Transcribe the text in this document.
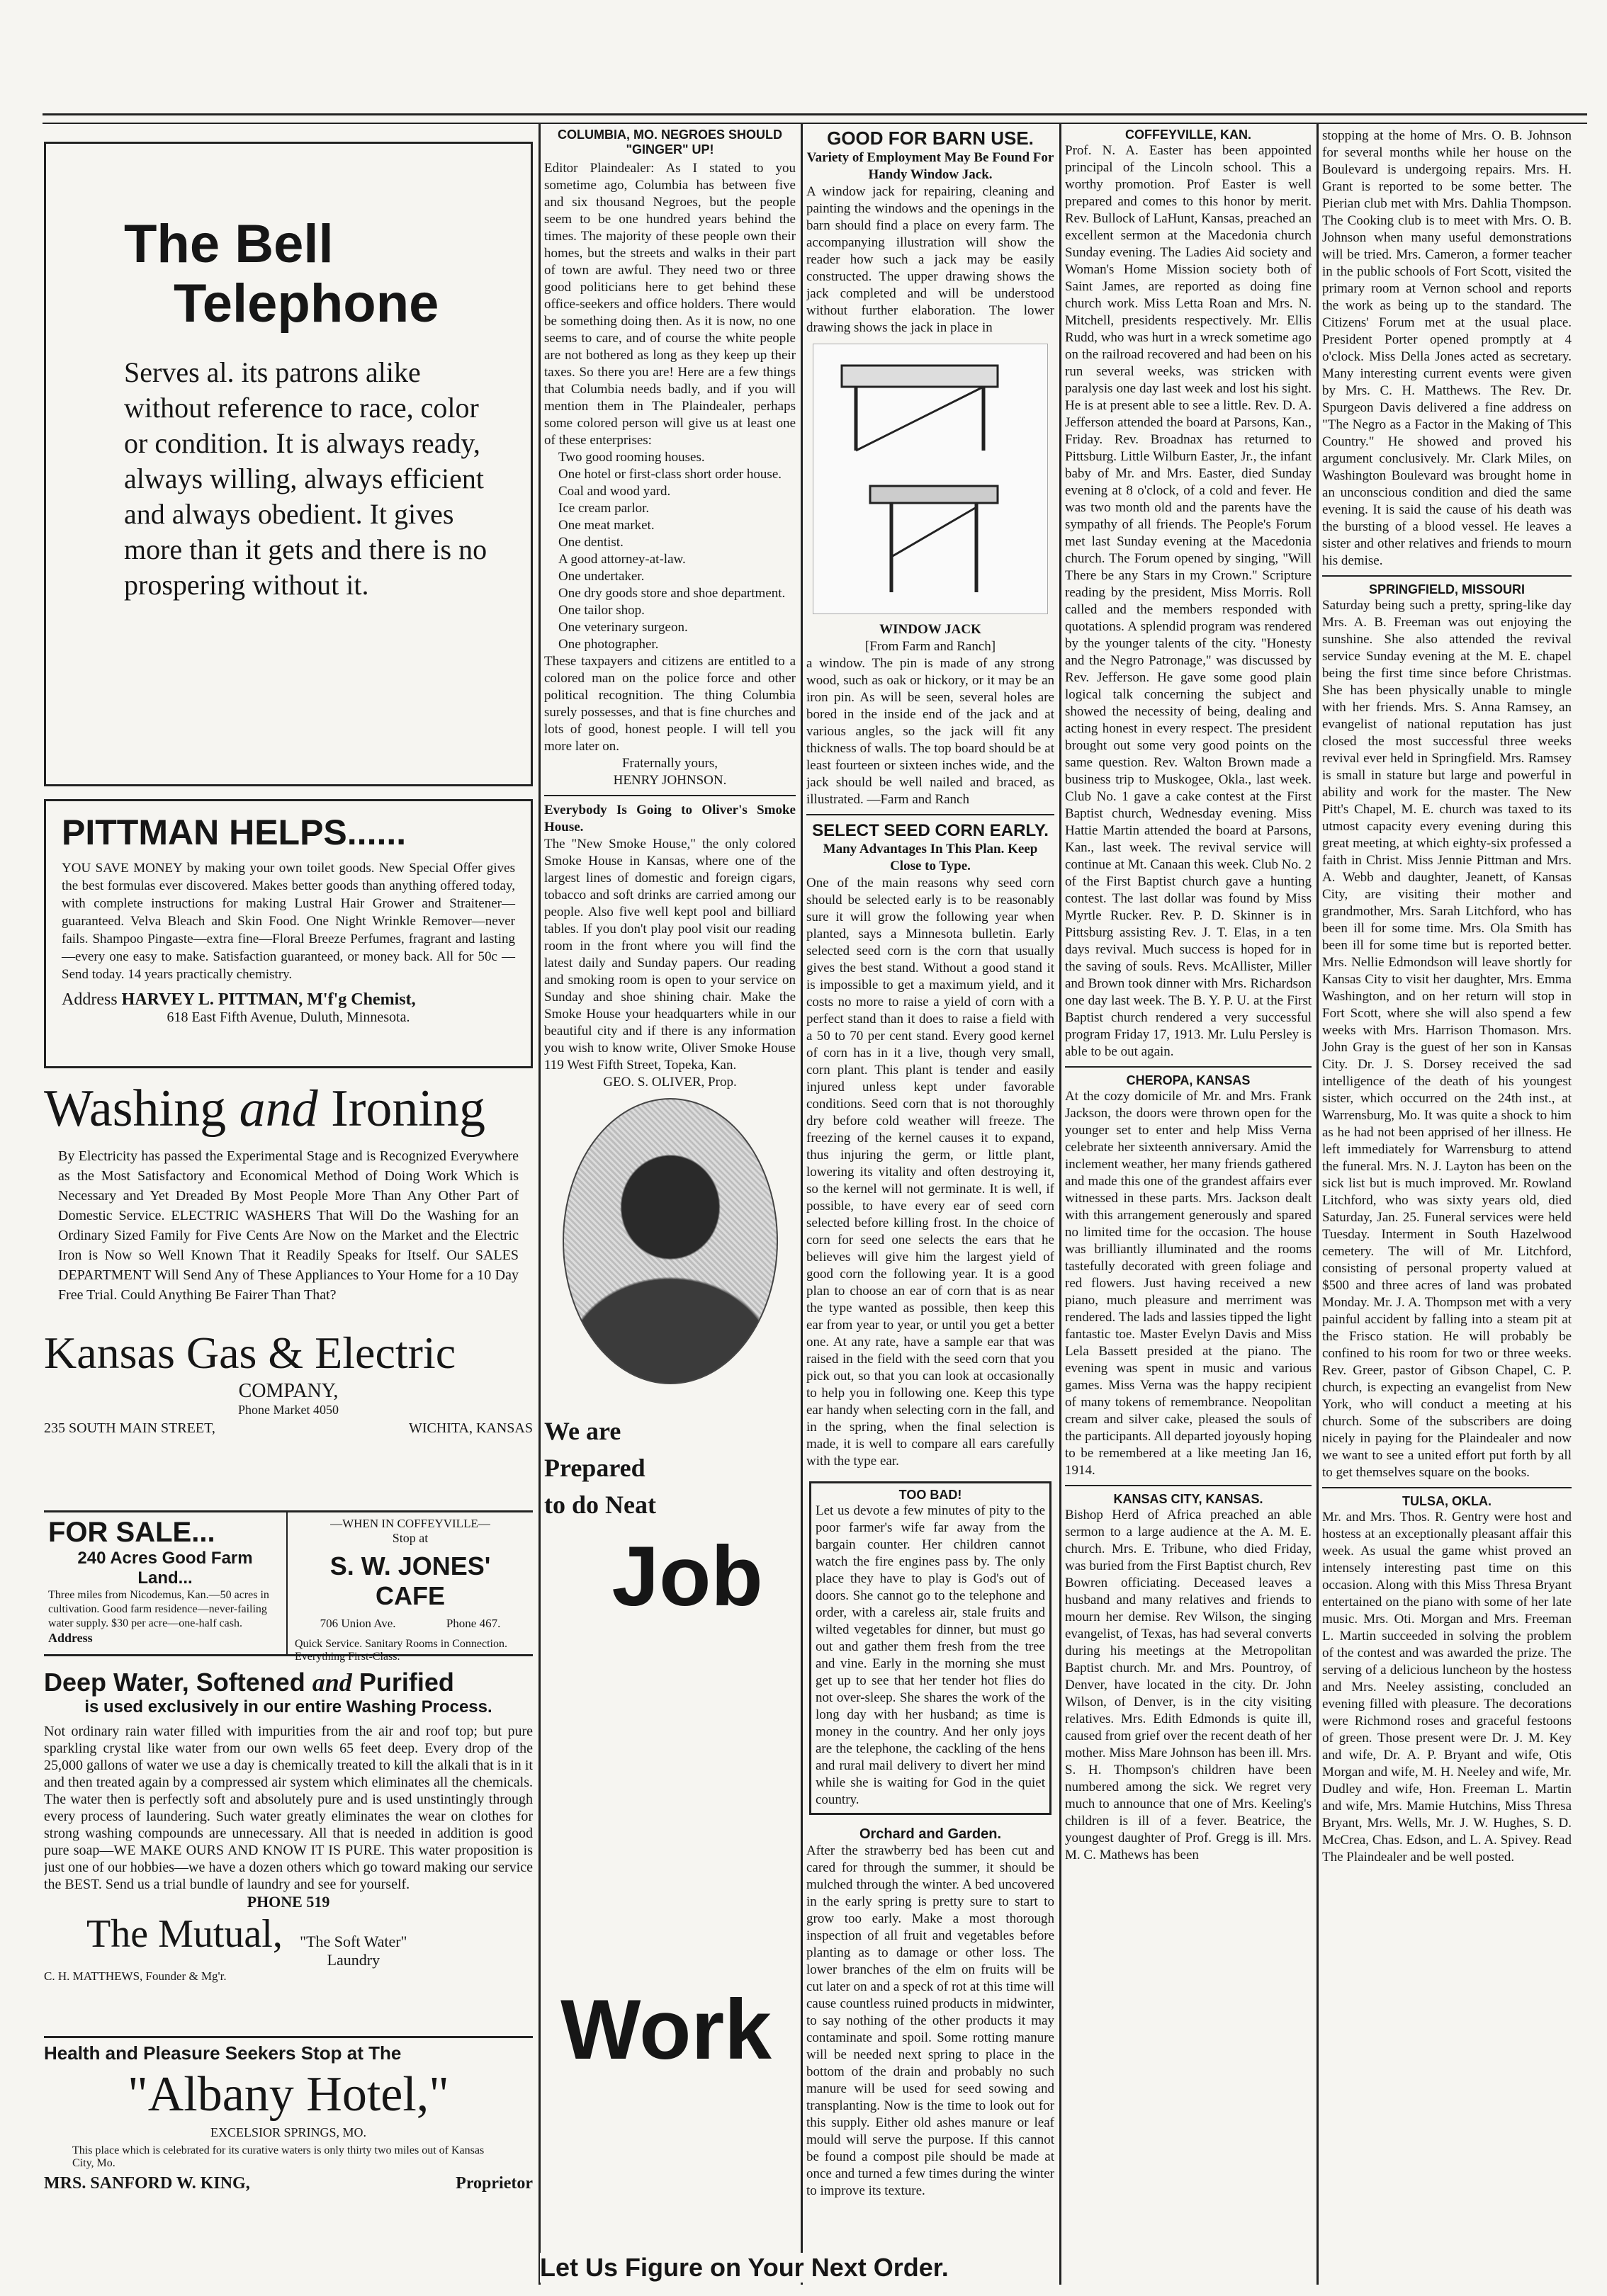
The Bell
Telephone
Serves al. its patrons alike without reference to race, color or condition. It is always ready, always willing, always efficient and always obedient. It gives more than it gets and there is no prospering without it.
PITTMAN HELPS......
YOU SAVE MONEY by making your own toilet goods. New Special Offer gives the best formulas ever discovered. Makes better goods than anything offered today, with complete instructions for making Lustral Hair Grower and Straitener—guaranteed. Velva Bleach and Skin Food. One Night Wrinkle Remover—never fails. Shampoo Pingaste—extra fine—Floral Breeze Perfumes, fragrant and lasting—every one easy to make. Satisfaction guaranteed, or money back. All for 50c —Send today. 14 years practically chemistry.
Address HARVEY L. PITTMAN, M'f'g Chemist,
618 East Fifth Avenue, Duluth, Minnesota.
Washing and Ironing
By Electricity has passed the Experimental Stage and is Recognized Everywhere as the Most Satisfactory and Economical Method of Doing Work Which is Necessary and Yet Dreaded By Most People More Than Any Other Part of Domestic Service. ELECTRIC WASHERS That Will Do the Washing for an Ordinary Sized Family for Five Cents Are Now on the Market and the Electric Iron is Now so Well Known That it Readily Speaks for Itself. Our SALES DEPARTMENT Will Send Any of These Appliances to Your Home for a 10 Day Free Trial. Could Anything Be Fairer Than That?
Kansas Gas & Electric
COMPANY,
Phone Market 4050
235 SOUTH MAIN STREET,	WICHITA, KANSAS
FOR SALE...
240 Acres Good Farm Land...
Three miles from Nicodemus, Kan.—50 acres in cultivation. Good farm residence—never-failing water supply. $30 per acre—one-half cash.
Address
—WHEN IN COFFEYVILLE—
Stop at
S. W. JONES' CAFE
706 Union Ave.	Phone 467.
Quick Service. Sanitary Rooms in Connection. Everything First-Class.
Deep Water, Softened and Purified
is used exclusively in our entire Washing Process.
Not ordinary rain water filled with impurities from the air and roof top; but pure sparkling crystal like water from our own wells 65 feet deep. Every drop of the 25,000 gallons of water we use a day is chemically treated to kill the alkali that is in it and then treated again by a compressed air system which eliminates all the chemicals. The water then is perfectly soft and absolutely pure and is used unstintingly through every process of laundering. Such water greatly eliminates the wear on clothes for strong washing compounds are unnecessary. All that is needed in addition is good pure soap—WE MAKE OURS AND KNOW IT IS PURE. This water proposition is just one of our hobbies—we have a dozen others which go toward making our service the BEST. Send us a trial bundle of laundry and see for yourself.
PHONE 519
The Mutual,	"The Soft Water" Laundry
C. H. MATTHEWS, Founder & Mg'r.
Health and Pleasure Seekers Stop at The
"Albany Hotel,"
EXCELSIOR SPRINGS, MO.
This place which is celebrated for its curative waters is only thirty two miles out of Kansas City, Mo.
MRS. SANFORD W. KING,	Proprietor
COLUMBIA, MO. NEGROES SHOULD "GINGER" UP!
Editor Plaindealer: As I stated to you sometime ago, Columbia has between five and six thousand Negroes, but the people seem to be one hundred years behind the times. The majority of these people own their homes, but the streets and walks in their part of town are awful. They need two or three good politicians here to get behind these office-seekers and office holders. There would be something doing then. As it is now, no one seems to care, and of course the white people are not bothered as long as they keep up their taxes. So there you are! Here are a few things that Columbia needs badly, and if you will mention them in The Plaindealer, perhaps some colored person will give us at least one of these enterprises:
Two good rooming houses.
One hotel or first-class short order house.
Coal and wood yard.
Ice cream parlor.
One meat market.
One dentist.
A good attorney-at-law.
One undertaker.
One dry goods store and shoe department.
One tailor shop.
One veterinary surgeon.
One photographer.
These taxpayers and citizens are entitled to a colored man on the police force and other political recognition. The thing Columbia surely possesses, and that is fine churches and lots of good, honest people. I will tell you more later on.
Fraternally yours,
HENRY JOHNSON.
Everybody Is Going to Oliver's Smoke House.
The "New Smoke House," the only colored Smoke House in Kansas, where one of the largest lines of domestic and foreign cigars, tobacco and soft drinks are carried among our people. Also five well kept pool and billiard tables. If you don't play pool visit our reading room in the front where you will find the latest daily and Sunday papers. Our reading and smoking room is open to your service on Sunday and shoe shining chair. Make the Smoke House your headquarters while in our beautiful city and if there is any information you wish to know write, Oliver Smoke House 119 West Fifth Street, Topeka, Kan.
GEO. S. OLIVER, Prop.
We are
Prepared
to do Neat
GOOD FOR BARN USE.
Variety of Employment May Be Found For Handy Window Jack.
A window jack for repairing, cleaning and painting the windows and the openings in the barn should find a place on every farm. The accompanying illustration will show the reader how such a jack may be easily constructed. The upper drawing shows the jack completed and will be understood without further elaboration. The lower drawing shows the jack in place in
WINDOW JACK
[From Farm and Ranch]
a window. The pin is made of any strong wood, such as oak or hickory, or it may be an iron pin. As will be seen, several holes are bored in the inside end of the jack and at various angles, so the jack will fit any thickness of walls. The top board should be at least fourteen or sixteen inches wide, and the jack should be well nailed and braced, as illustrated. —Farm and Ranch
SELECT SEED CORN EARLY.
Many Advantages In This Plan. Keep Close to Type.
One of the main reasons why seed corn should be selected early is to be reasonably sure it will grow the following year when planted, says a Minnesota bulletin. Early selected seed corn is the corn that usually gives the best stand. Without a good stand it is impossible to get a maximum yield, and it costs no more to raise a yield of corn with a perfect stand than it does to raise a field with a 50 to 70 per cent stand. Every good kernel of corn has in it a live, though very small, corn plant. This plant is tender and easily injured unless kept under favorable conditions. Seed corn that is not thoroughly dry before cold weather will freeze. The freezing of the kernel causes it to expand, thus injuring the germ, or little plant, lowering its vitality and often destroying it, so the kernel will not germinate. It is well, if possible, to have every ear of seed corn selected before killing frost. In the choice of corn for seed one selects the ears that he believes will give him the largest yield of good corn the following year. It is a good plan to choose an ear of corn that is as near the type wanted as possible, then keep this ear from year to year, or until you get a better one. At any rate, have a sample ear that was raised in the field with the seed corn that you pick out, so that you can look at occasionally to help you in following one. Keep this type ear handy when selecting corn in the fall, and in the spring, when the final selection is made, it is well to compare all ears carefully with the type ear.
TOO BAD!
Let us devote a few minutes of pity to the poor farmer's wife far away from the bargain counter. Her children cannot watch the fire engines pass by. The only place they have to play is God's out of doors. She cannot go to the telephone and order, with a careless air, stale fruits and wilted vegetables for dinner, but must go out and gather them fresh from the tree and vine. Early in the morning she must get up to see that her tender hot flies do not over-sleep. She shares the work of the long day with her husband; as time is money in the country. And her only joys are the telephone, the cackling of the hens and rural mail delivery to divert her mind while she is waiting for God in the quiet country.
Orchard and Garden.
After the strawberry bed has been cut and cared for through the summer, it should be mulched through the winter. A bed uncovered in the early spring is pretty sure to start to grow too early. Make a most thorough inspection of all fruit and vegetables before planting as to damage or other loss. The lower branches of the elm on fruits will be cut later on and a speck of rot at this time will cause countless ruined products in midwinter, to say nothing of the other products it may contaminate and spoil. Some rotting manure will be needed next spring to place in the bottom of the drain and probably no such manure will be used for seed sowing and transplanting. Now is the time to look out for this supply. Either old ashes manure or leaf mould will serve the purpose. If this cannot be found a compost pile should be made at once and turned a few times during the winter to improve its texture.
Job
Work
Let Us Figure on Your Next Order.
COFFEYVILLE, KAN.
Prof. N. A. Easter has been appointed principal of the Lincoln school. This a worthy promotion. Prof Easter is well prepared and comes to this honor by merit. Rev. Bullock of LaHunt, Kansas, preached an excellent sermon at the Macedonia church Sunday evening. The Ladies Aid society and Woman's Home Mission society both of Saint James, are reported as doing fine church work. Miss Letta Roan and Mrs. N. Mitchell, presidents respectively. Mr. Ellis Rudd, who was hurt in a wreck sometime ago on the railroad recovered and had been on his run several weeks, was stricken with paralysis one day last week and lost his sight. He is at present able to see a little. Rev. D. A. Jefferson attended the board at Parsons, Kan., Friday. Rev. Broadnax has returned to Pittsburg. Little Wilburn Easter, Jr., the infant baby of Mr. and Mrs. Easter, died Sunday evening at 8 o'clock, of a cold and fever. He was two month old and the parents have the sympathy of all friends. The People's Forum met last Sunday evening at the Macedonia church. The Forum opened by singing, "Will There be any Stars in my Crown." Scripture reading by the president, Miss Morris. Roll called and the members responded with quotations. A splendid program was rendered by the younger talents of the city. "Honesty and the Negro Patronage," was discussed by Rev. Jefferson. He gave some good plain logical talk concerning the subject and showed the necessity of being, dealing and acting honest in every respect. The president brought out some very good points on the same question. Rev. Walton Brown made a business trip to Muskogee, Okla., last week. Club No. 1 gave a cake contest at the First Baptist church, Wednesday evening. Miss Hattie Martin attended the board at Parsons, Kan., last week. The revival service will continue at Mt. Canaan this week. Club No. 2 of the First Baptist church gave a hunting contest. The last dollar was found by Miss Myrtle Rucker. Rev. P. D. Skinner is in Pittsburg assisting Rev. J. T. Elas, in a ten days revival. Much success is hoped for in the saving of souls. Revs. McAllister, Miller and Brown took dinner with Mrs. Richardson one day last week. The B. Y. P. U. at the First Baptist church rendered a very successful program Friday 17, 1913. Mr. Lulu Persley is able to be out again.
CHEROPA, KANSAS
At the cozy domicile of Mr. and Mrs. Frank Jackson, the doors were thrown open for the younger set to enter and help Miss Verna celebrate her sixteenth anniversary. Amid the inclement weather, her many friends gathered and made this one of the grandest affairs ever witnessed in these parts. Mrs. Jackson dealt with this arrangement generously and spared no limited time for the occasion. The house was brilliantly illuminated and the rooms tastefully decorated with green foliage and red flowers. Just having received a new piano, much pleasure and merriment was rendered. The lads and lassies tipped the light fantastic toe. Master Evelyn Davis and Miss Lela Bassett presided at the piano. The evening was spent in music and various games. Miss Verna was the happy recipient of many tokens of remembrance. Neopolitan cream and silver cake, pleased the souls of the participants. All departed joyously hoping to be remembered at a like meeting Jan 16, 1914.
KANSAS CITY, KANSAS.
Bishop Herd of Africa preached an able sermon to a large audience at the A. M. E. church. Mrs. E. Tribune, who died Friday, was buried from the First Baptist church, Rev Bowren officiating. Deceased leaves a husband and many relatives and friends to mourn her demise. Rev Wilson, the singing evangelist, of Texas, has had several converts during his meetings at the Metropolitan Baptist church. Mr. and Mrs. Pountroy, of Denver, have located in the city. Dr. John Wilson, of Denver, is in the city visiting relatives. Mrs. Edith Edmonds is quite ill, caused from grief over the recent death of her mother. Miss Mare Johnson has been ill. Mrs. S. H. Thompson's children have been numbered among the sick. We regret very much to announce that one of Mrs. Keeling's children is ill of a fever. Beatrice, the youngest daughter of Prof. Gregg is ill. Mrs. M. C. Mathews has been
stopping at the home of Mrs. O. B. Johnson for several months while her house on the Boulevard is undergoing repairs. Mrs. H. Grant is reported to be some better. The Pierian club met with Mrs. Dahlia Thompson. The Cooking club is to meet with Mrs. O. B. Johnson when many useful demonstrations will be tried. Mrs. Cameron, a former teacher in the public schools of Fort Scott, visited the primary room at Vernon school and reports the work as being up to the standard. The Citizens' Forum met at the usual place. President Porter opened promptly at 4 o'clock. Miss Della Jones acted as secretary. Many interesting current events were given by Mrs. C. H. Matthews. The Rev. Dr. Spurgeon Davis delivered a fine address on "The Negro as a Factor in the Making of This Country." He showed and proved his argument conclusively. Mr. Clark Miles, on Washington Boulevard was brought home in an unconscious condition and died the same evening. It is said the cause of his death was the bursting of a blood vessel. He leaves a sister and other relatives and friends to mourn his demise.
SPRINGFIELD, MISSOURI
Saturday being such a pretty, spring-like day Mrs. A. B. Freeman was out enjoying the sunshine. She also attended the revival service Sunday evening at the M. E. chapel being the first time since before Christmas. She has been physically unable to mingle with her friends. Mrs. S. Anna Ramsey, an evangelist of national reputation has just closed the most successful three weeks revival ever held in Springfield. Mrs. Ramsey is small in stature but large and powerful in ability and work for the master. The New Pitt's Chapel, M. E. church was taxed to its utmost capacity every evening during this great meeting, at which eighty-six professed a faith in Christ. Miss Jennie Pittman and Mrs. A. Webb and daughter, Jeanett, of Kansas City, are visiting their mother and grandmother, Mrs. Sarah Litchford, who has been ill for some time. Mrs. Ola Smith has been ill for some time but is reported better. Mrs. Nellie Edmondson will leave shortly for Kansas City to visit her daughter, Mrs. Emma Washington, and on her return will stop in Fort Scott, where she will also spend a few weeks with Mrs. Harrison Thomason. Mrs. John Gray is the guest of her son in Kansas City. Dr. J. S. Dorsey received the sad intelligence of the death of his youngest sister, which occurred on the 24th inst., at Warrensburg, Mo. It was quite a shock to him as he had not been apprised of her illness. He left immediately for Warrensburg to attend the funeral. Mrs. N. J. Layton has been on the sick list but is much improved. Mr. Rowland Litchford, who was sixty years old, died Saturday, Jan. 25. Funeral services were held Tuesday. Interment in South Hazelwood cemetery. The will of Mr. Litchford, consisting of personal property valued at $500 and three acres of land was probated Monday. Mr. J. A. Thompson met with a very painful accident by falling into a steam pit at the Frisco station. He will probably be confined to his room for two or three weeks. Rev. Greer, pastor of Gibson Chapel, C. P. church, is expecting an evangelist from New York, who will conduct a meeting at his church. Some of the subscribers are doing nicely in paying for the Plaindealer and now we want to see a united effort put forth by all to get themselves square on the books.
TULSA, OKLA.
Mr. and Mrs. Thos. R. Gentry were host and hostess at an exceptionally pleasant affair this week. As usual the game whist proved an intensely interesting past time on this occasion. Along with this Miss Thresa Bryant entertained on the piano with some of her late music. Mrs. Oti. Morgan and Mrs. Freeman L. Martin succeeded in solving the problem of the contest and was awarded the prize. The serving of a delicious luncheon by the hostess and Mrs. Neeley assisting, concluded an evening filled with pleasure. The decorations were Richmond roses and graceful festoons of green. Those present were Dr. J. M. Key and wife, Dr. A. P. Bryant and wife, Otis Morgan and wife, M. H. Neeley and wife, Mr. Dudley and wife, Hon. Freeman L. Martin and wife, Mrs. Mamie Hutchins, Miss Thresa Bryant, Mrs. Wells, Mr. J. W. Hughes, S. D. McCrea, Chas. Edson, and L. A. Spivey. Read The Plaindealer and be well posted.
